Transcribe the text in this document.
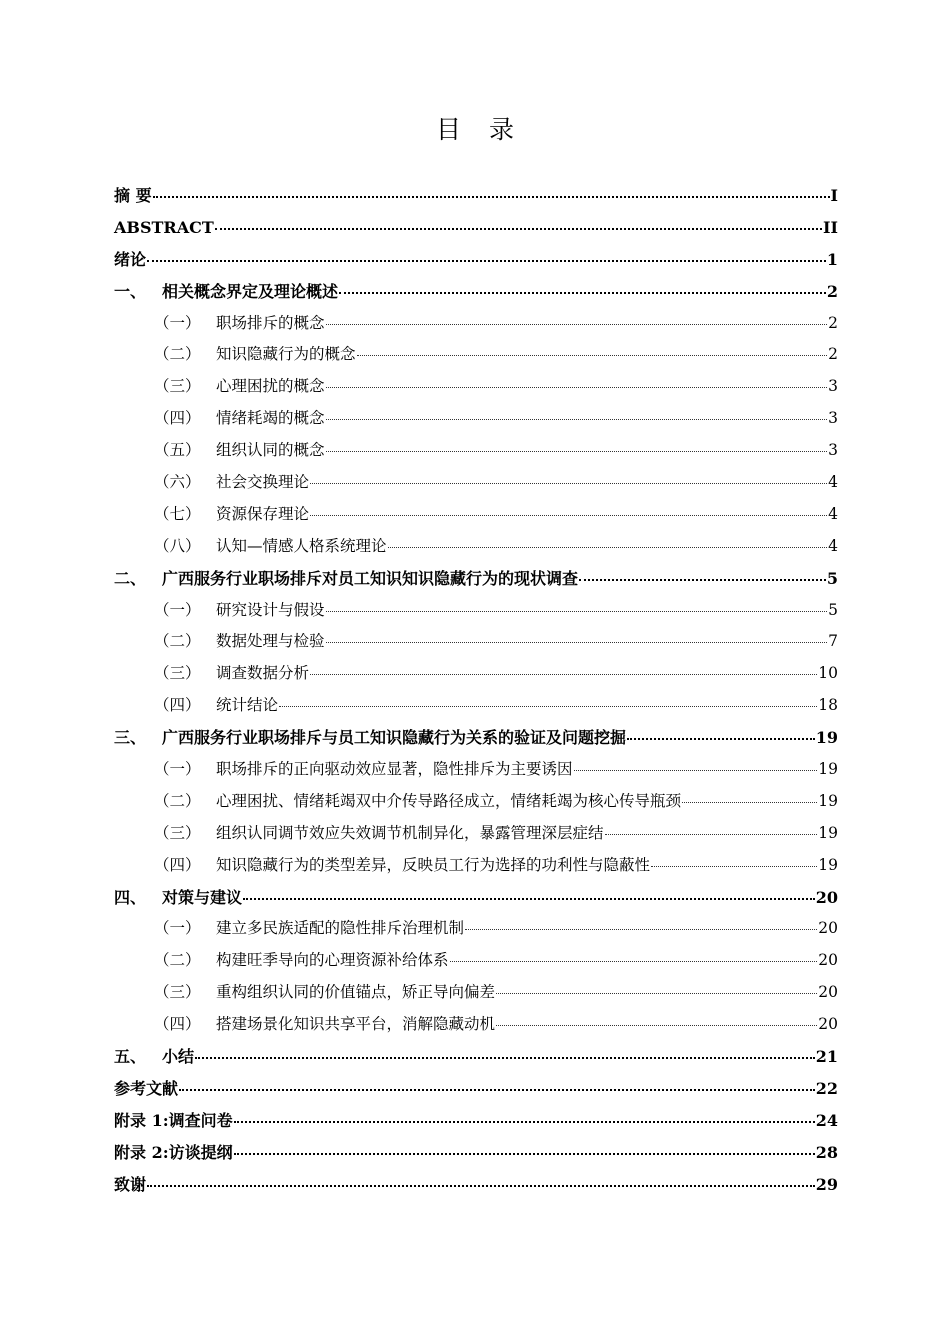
目 录
摘 要	I
ABSTRACT	II
绪论	1
一、 相关概念界定及理论概述	2
（一） 职场排斥的概念	2
（二） 知识隐藏行为的概念	2
（三） 心理困扰的概念	3
（四） 情绪耗竭的概念	3
（五） 组织认同的概念	3
（六） 社会交换理论	4
（七） 资源保存理论	4
（八） 认知—情感人格系统理论	4
二、 广西服务行业职场排斥对员工知识知识隐藏行为的现状调查	5
（一） 研究设计与假设	5
（二） 数据处理与检验	7
（三） 调查数据分析	10
（四） 统计结论	18
三、 广西服务行业职场排斥与员工知识隐藏行为关系的验证及问题挖掘	19
（一） 职场排斥的正向驱动效应显著，隐性排斥为主要诱因	19
（二） 心理困扰、情绪耗竭双中介传导路径成立，情绪耗竭为核心传导瓶颈	19
（三） 组织认同调节效应失效调节机制异化，暴露管理深层症结	19
（四） 知识隐藏行为的类型差异，反映员工行为选择的功利性与隐蔽性	19
四、 对策与建议	20
（一） 建立多民族适配的隐性排斥治理机制	20
（二） 构建旺季导向的心理资源补给体系	20
（三） 重构组织认同的价值锚点，矫正导向偏差	20
（四） 搭建场景化知识共享平台，消解隐藏动机	20
五、 小结	21
参考文献	22
附录 1:调查问卷	24
附录 2:访谈提纲	28
致谢	29
